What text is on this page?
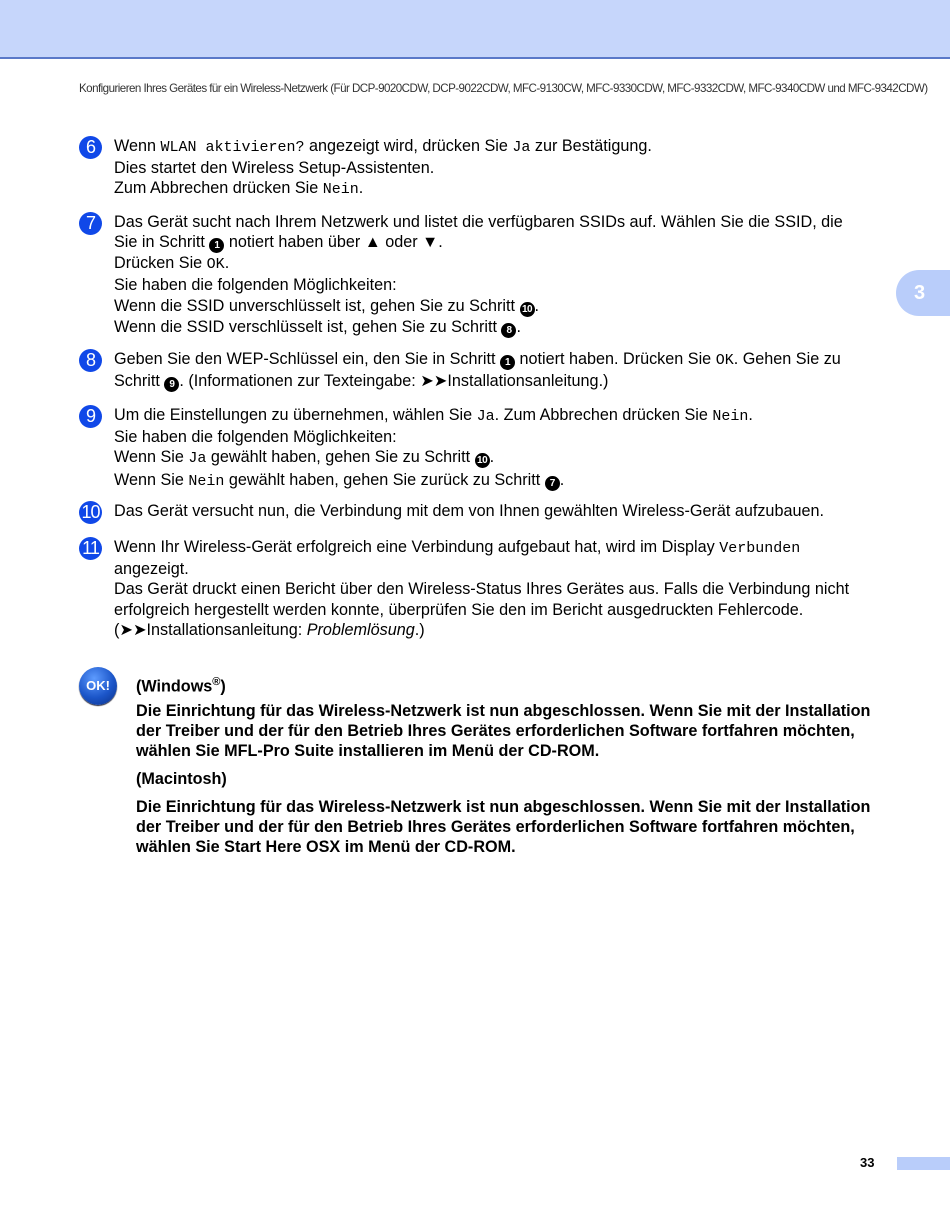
Konfigurieren Ihres Gerätes für ein Wireless-Netzwerk (Für DCP-9020CDW, DCP-9022CDW, MFC-9130CW, MFC-9330CDW, MFC-9332CDW, MFC-9340CDW und MFC-9342CDW)
3
6	Wenn WLAN aktivieren? angezeigt wird, drücken Sie Ja zur Bestätigung.
Dies startet den Wireless Setup-Assistenten.
Zum Abbrechen drücken Sie Nein.
7	Das Gerät sucht nach Ihrem Netzwerk und listet die verfügbaren SSIDs auf. Wählen Sie die SSID, die
Sie in Schritt 1 notiert haben über ▲ oder ▼.
Drücken Sie OK.
Sie haben die folgenden Möglichkeiten:
Wenn die SSID unverschlüsselt ist, gehen Sie zu Schritt 10 .
Wenn die SSID verschlüsselt ist, gehen Sie zu Schritt 8 .
8	Geben Sie den WEP-Schlüssel ein, den Sie in Schritt 1 notiert haben. Drücken Sie OK. Gehen Sie zu
Schritt 9 . (Informationen zur Texteingabe: ➤➤Installationsanleitung.)
9	Um die Einstellungen zu übernehmen, wählen Sie Ja. Zum Abbrechen drücken Sie Nein.
Sie haben die folgenden Möglichkeiten:
Wenn Sie Ja gewählt haben, gehen Sie zu Schritt 10 .
Wenn Sie Nein gewählt haben, gehen Sie zurück zu Schritt 7 .
10 Das Gerät versucht nun, die Verbindung mit dem von Ihnen gewählten Wireless-Gerät aufzubauen.
11 Wenn Ihr Wireless-Gerät erfolgreich eine Verbindung aufgebaut hat, wird im Display Verbunden
angezeigt.
Das Gerät druckt einen Bericht über den Wireless-Status Ihres Gerätes aus. Falls die Verbindung nicht
erfolgreich hergestellt werden konnte, überprüfen Sie den im Bericht ausgedruckten Fehlercode.
(➤➤Installationsanleitung: Problemlösung.)
OK!	(Windows®)
Die Einrichtung für das Wireless-Netzwerk ist nun abgeschlossen. Wenn Sie mit der Installation der Treiber und der für den Betrieb Ihres Gerätes erforderlichen Software fortfahren möchten, wählen Sie MFL-Pro Suite installieren im Menü der CD-ROM.
(Macintosh)
Die Einrichtung für das Wireless-Netzwerk ist nun abgeschlossen. Wenn Sie mit der Installation der Treiber und der für den Betrieb Ihres Gerätes erforderlichen Software fortfahren möchten, wählen Sie Start Here OSX im Menü der CD-ROM.
33
